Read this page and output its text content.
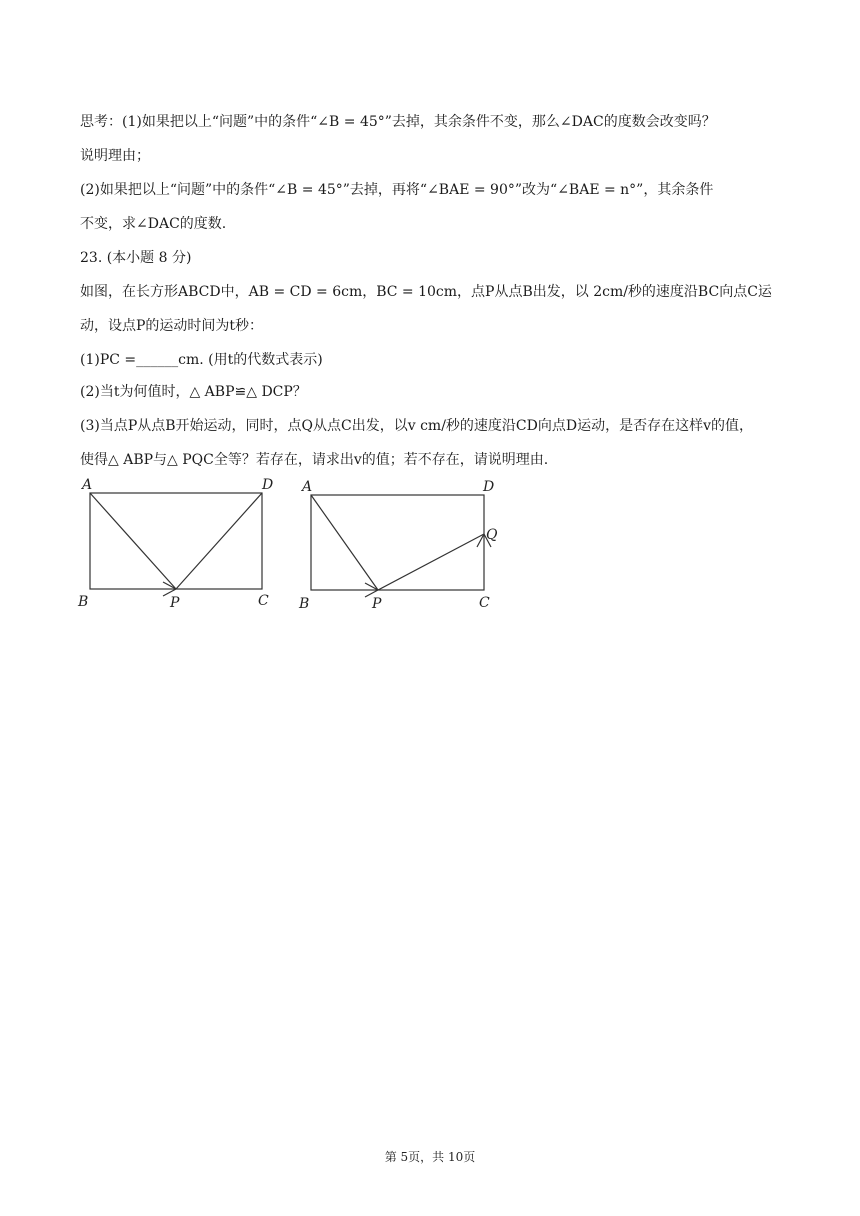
思考：(1)如果把以上“问题”中的条件“∠B = 45°”去掉，其余条件不变，那么∠DAC的度数会改变吗？
说明理由；
(2)如果把以上“问题”中的条件“∠B = 45°”去掉，再将“∠BAE = 90°”改为“∠BAE = n°”，其余条件
不变，求∠DAC的度数.
23. (本小题 8 分)
如图，在长方形ABCD中，AB = CD = 6cm，BC = 10cm，点P从点B出发，以 2cm/秒的速度沿BC向点C运
动，设点P的运动时间为t秒：
(1)PC =______cm. (用t的代数式表示)
(2)当t为何值时，△ ABP≌△ DCP？
(3)当点P从点B开始运动，同时，点Q从点C出发，以v cm/秒的速度沿CD向点D运动，是否存在这样v的值，
使得△ ABP与△ PQC全等？若存在，请求出v的值；若不存在，请说明理由.
A	D
B	P	C
A	D
Q
B	P	C
第 5页，共 10页
